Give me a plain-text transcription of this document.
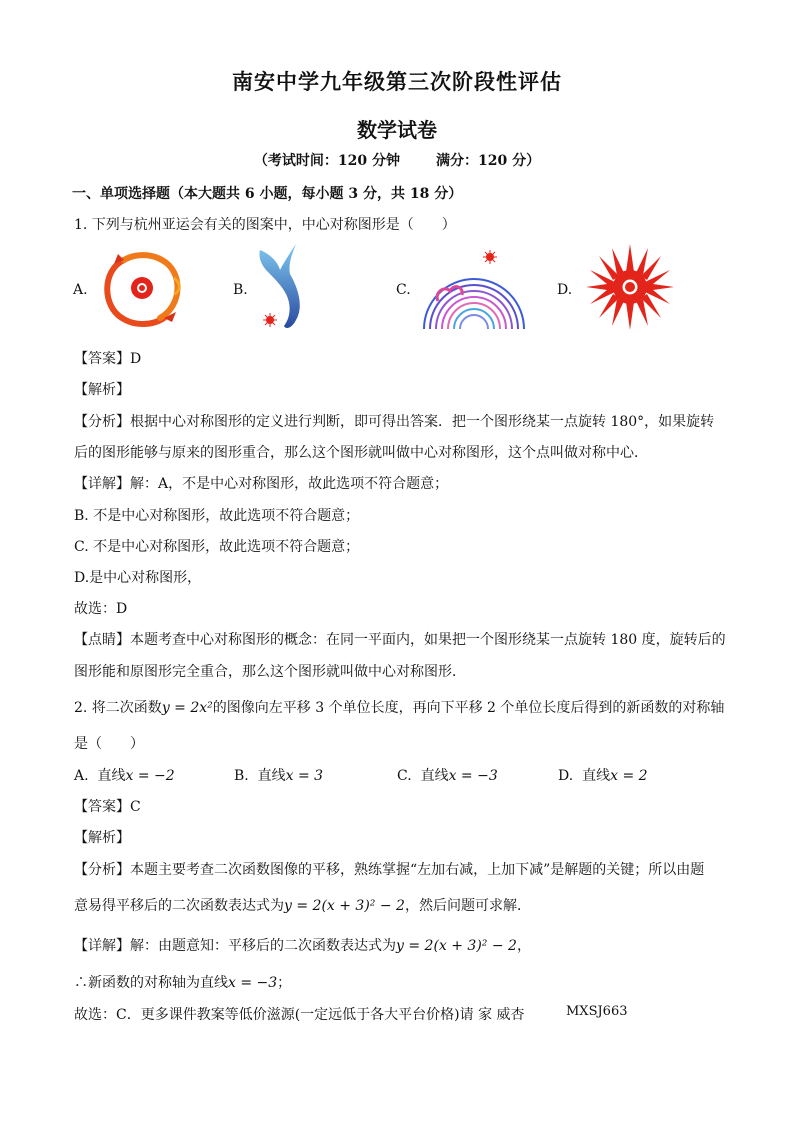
南安中学九年级第三次阶段性评估
数学试卷
（考试时间：120 分钟	满分：120 分）
一、单项选择题（本大题共 6 小题，每小题 3 分，共 18 分）
1. 下列与杭州亚运会有关的图案中，中心对称图形是（　　）
A.	B.	C.	D.
【答案】D
【解析】
【分析】根据中心对称图形的定义进行判断，即可得出答案．把一个图形绕某一点旋转 180°，如果旋转
后的图形能够与原来的图形重合，那么这个图形就叫做中心对称图形，这个点叫做对称中心．
【详解】解：A，不是中心对称图形，故此选项不符合题意；
B. 不是中心对称图形，故此选项不符合题意；
C. 不是中心对称图形，故此选项不符合题意；
D.是中心对称图形，
故选：D
【点睛】本题考查中心对称图形的概念：在同一平面内，如果把一个图形绕某一点旋转 180 度，旋转后的
图形能和原图形完全重合，那么这个图形就叫做中心对称图形．
2. 将二次函数y = 2x²的图像向左平移 3 个单位长度，再向下平移 2 个单位长度后得到的新函数的对称轴
是（　　）
A. 直线x = −2	B. 直线x = 3	C. 直线x = −3	D. 直线x = 2
【答案】C
【解析】
【分析】本题主要考查二次函数图像的平移，熟练掌握“左加右减，上加下减”是解题的关键；所以由题
意易得平移后的二次函数表达式为y = 2(x + 3)² − 2，然后问题可求解．
【详解】解：由题意知：平移后的二次函数表达式为y = 2(x + 3)² − 2，
∴新函数的对称轴为直线x = −3；
故选：C．更多课件教案等低价滋源(一定远低于各大平台价格)请 家 威杏	MXSJ663
